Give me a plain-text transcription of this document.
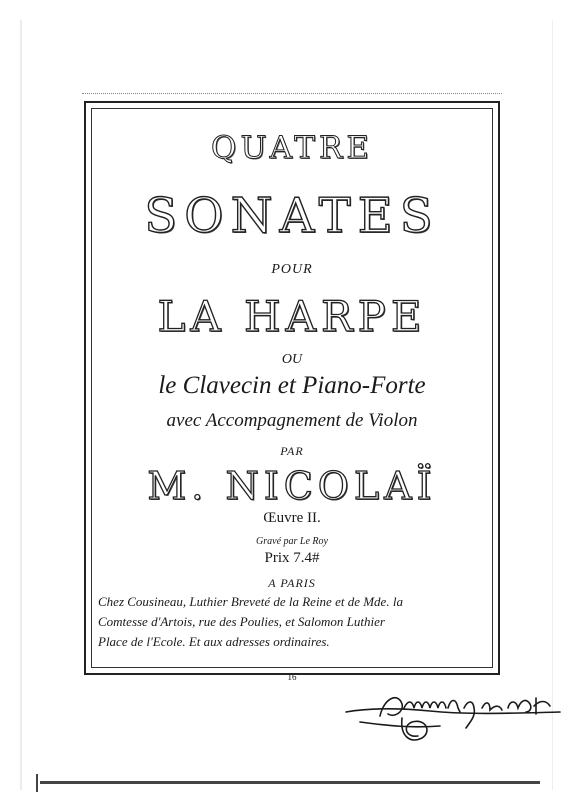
QUATRE
SONATES
POUR
LA HARPE
OU
le Clavecin et Piano-Forte
avec Accompagnement de Violon
PAR
M. NICOLAÏ
Œuvre II.
Gravé par Le Roy
Prix 7.4#
A PARIS
Chez Cousineau, Luthier Breveté de la Reine et de Mde. la
Comtesse d'Artois, rue des Poulies, et Salomon Luthier
Place de l'Ecole. Et aux adresses ordinaires.
16
